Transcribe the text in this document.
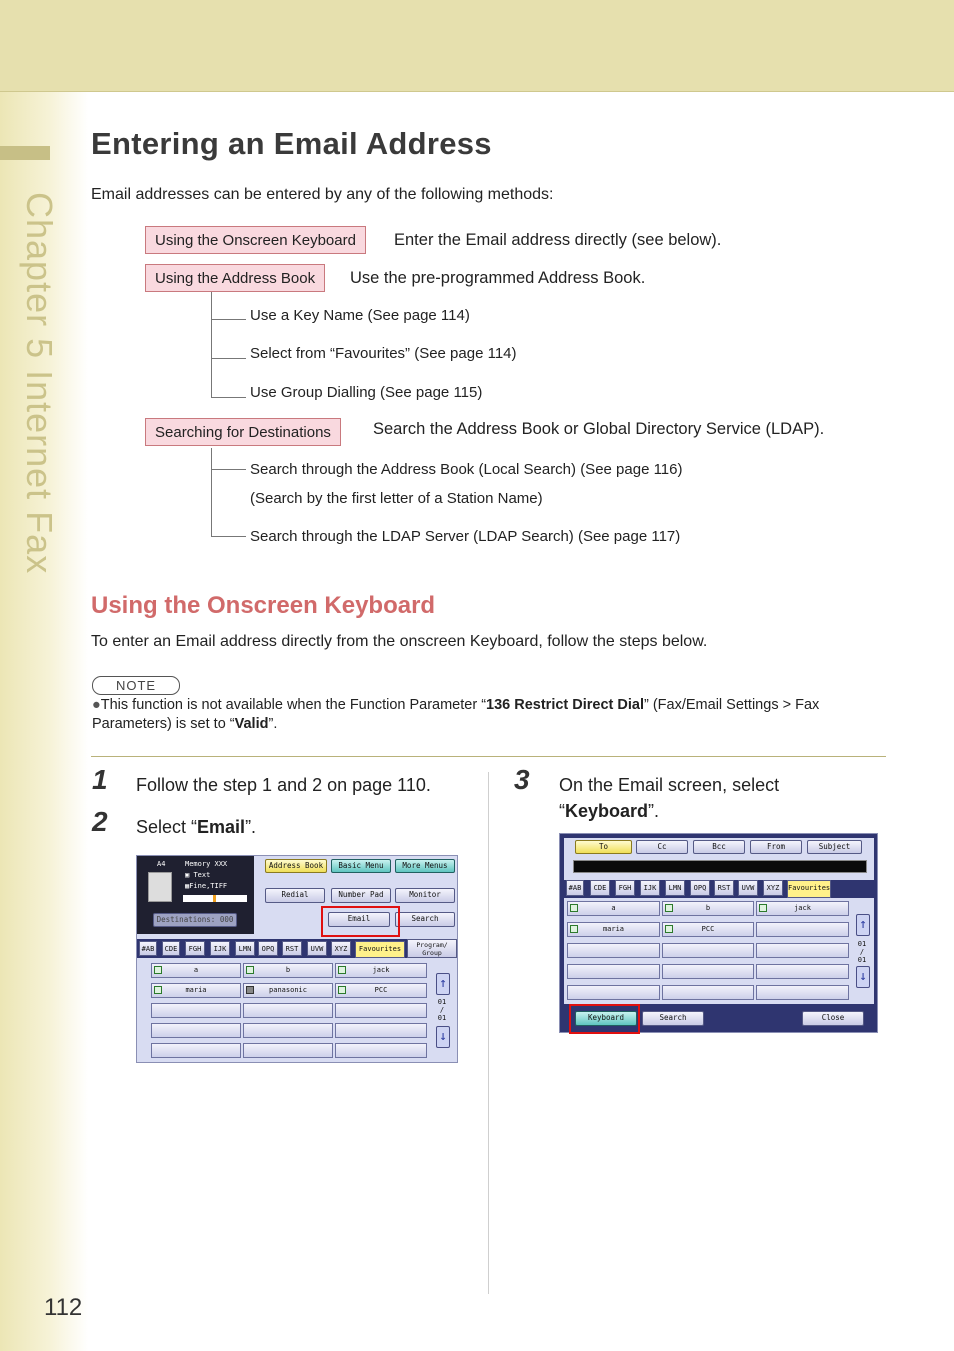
Chapter 5 Internet Fax
112
Entering an Email Address
Email addresses can be entered by any of the following methods:
Using the Onscreen Keyboard	Enter the Email address directly (see below).
Using the Address Book	Use the pre-programmed Address Book.
Use a Key Name (See page 114)
Select from “Favourites” (See page 114)
Use Group Dialling (See page 115)
Searching for Destinations	Search the Address Book or Global Directory Service (LDAP).
Search through the Address Book (Local Search) (See page 116)
(Search by the first letter of a Station Name)
Search through the LDAP Server (LDAP Search) (See page 117)
Using the Onscreen Keyboard
To enter an Email address directly from the onscreen Keyboard, follow the steps below.
NOTE
●This function is not available when the Function Parameter “136 Restrict Direct Dial” (Fax/Email Settings > Fax Parameters) is set to “Valid”.
1 Follow the step 1 and 2 on page 110.
2 Select “Email”.
3 On the Email screen, select
“Keyboard”.
A4	Memory XXX
▣ Text
▦Fine,TIFF
Destinations: 000
Address Book	Basic Menu	More Menus
Redial	Number Pad	Monitor
Email	Search
#AB	CDE	FGH	IJK	LMN	OPQ	RST	UVW	XYZ	Favourites	Program/ Group
a	b	jack
maria	panasonic	PCC	↑
01
/
01
↓
To	Cc	Bcc	From	Subject
#AB	CDE	FGH	IJK	LMN	OPQ	RST	UVW	XYZ	Favourites
a	b	jack
maria	PCC	↑
01
/
01
↓
Keyboard	Search	Close
